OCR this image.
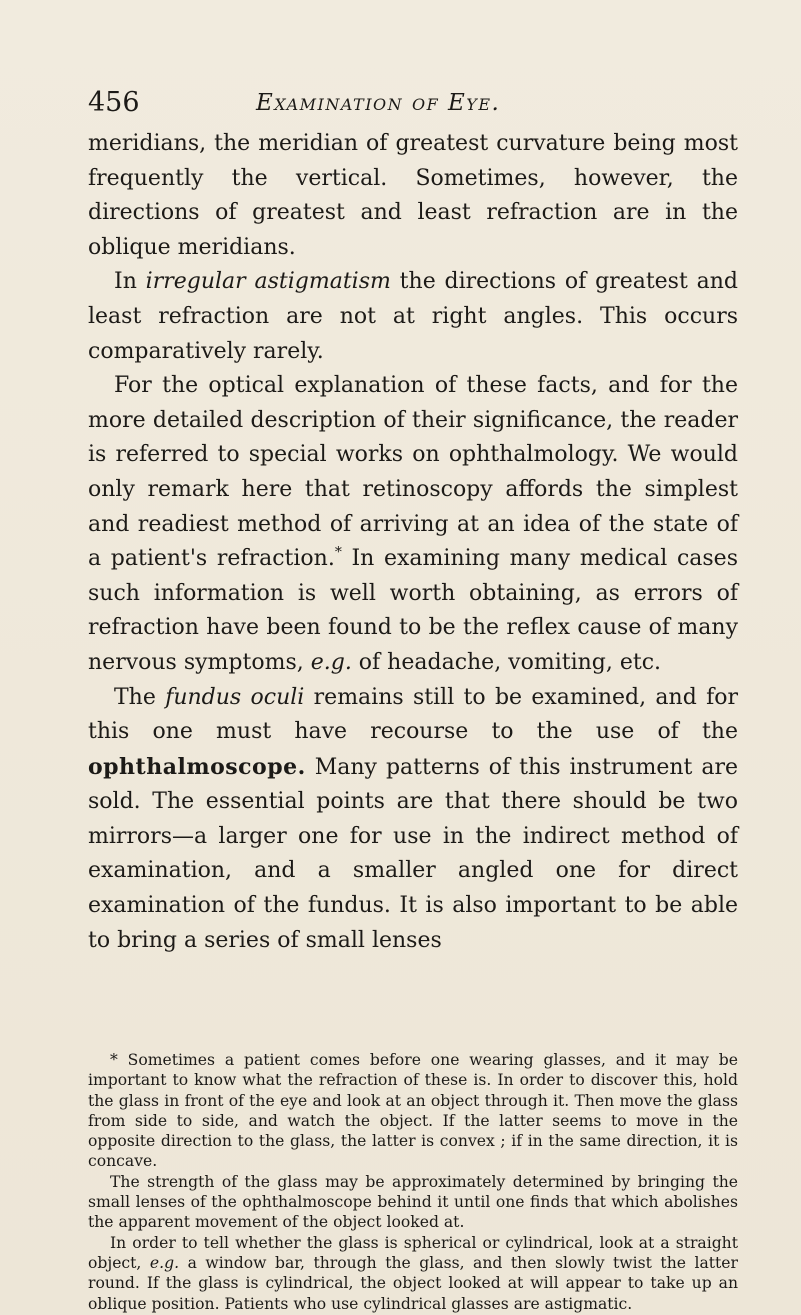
456	Examination of Eye.

meridians, the meridian of greatest curvature being most frequently the vertical. Sometimes, however, the directions of greatest and least refraction are in the oblique meridians.

In irregular astigmatism the directions of greatest and least refraction are not at right angles. This occurs comparatively rarely.

For the optical explanation of these facts, and for the more detailed description of their significance, the reader is referred to special works on ophthalmology. We would only remark here that retinoscopy affords the simplest and readiest method of arriving at an idea of the state of a patient's refraction.* In examining many medical cases such information is well worth obtaining, as errors of refraction have been found to be the reflex cause of many nervous symptoms, e.g. of headache, vomiting, etc.

The fundus oculi remains still to be examined, and for this one must have recourse to the use of the ophthalmoscope. Many patterns of this instrument are sold. The essential points are that there should be two mirrors—a larger one for use in the indirect method of examination, and a smaller angled one for direct examination of the fundus. It is also important to be able to bring a series of small lenses

* Sometimes a patient comes before one wearing glasses, and it may be important to know what the refraction of these is. In order to discover this, hold the glass in front of the eye and look at an object through it. Then move the glass from side to side, and watch the object. If the latter seems to move in the opposite direction to the glass, the latter is convex ; if in the same direction, it is concave.

The strength of the glass may be approximately determined by bringing the small lenses of the ophthalmoscope behind it until one finds that which abolishes the apparent movement of the object looked at.

In order to tell whether the glass is spherical or cylindrical, look at a straight object, e.g. a window bar, through the glass, and then slowly twist the latter round. If the glass is cylindrical, the object looked at will appear to take up an oblique position. Patients who use cylindrical glasses are astigmatic.
